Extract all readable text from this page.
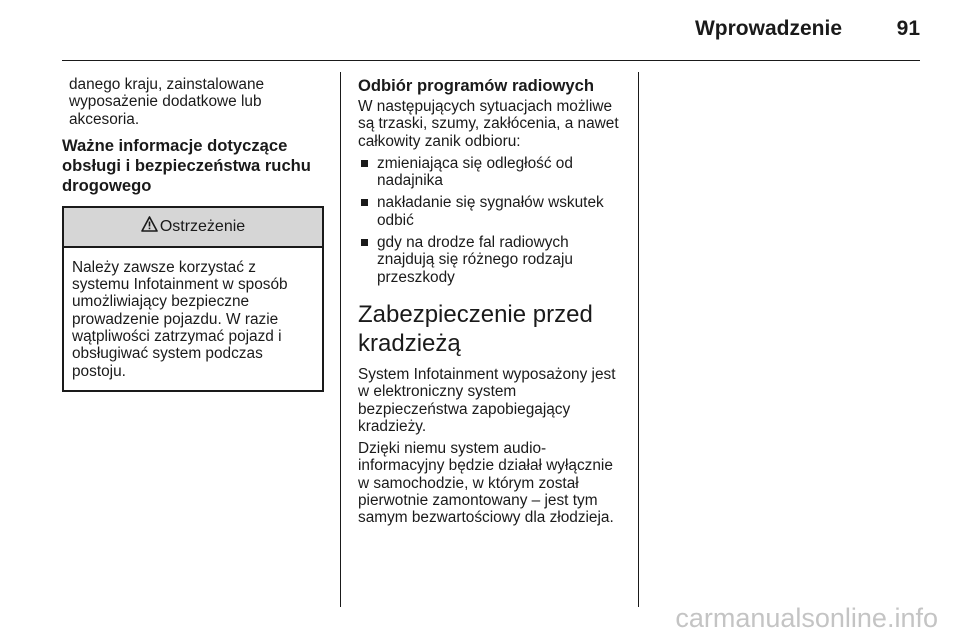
Wprowadzenie	91

danego kraju, zainstalowane wyposażenie dodatkowe lub akcesoria.

Ważne informacje dotyczące obsługi i bezpieczeństwa ruchu drogowego
Ostrzeżenie

Należy zawsze korzystać z systemu Infotainment w sposób umożliwiający bezpieczne prowadzenie pojazdu. W razie wątpliwości zatrzymać pojazd i obsługiwać system podczas postoju.

Odbiór programów radiowych

W następujących sytuacjach możliwe są trzaski, szumy, zakłócenia, a nawet całkowity zanik odbioru:

zmieniająca się odległość od nadajnika
nakładanie się sygnałów wskutek odbić
gdy na drodze fal radiowych znajdują się różnego rodzaju przeszkody
Zabezpieczenie przed kradzieżą

System Infotainment wyposażony jest w elektroniczny system bezpieczeństwa zapobiegający kradzieży.

Dzięki niemu system audio-informacyjny będzie działał wyłącznie w samochodzie, w którym został pierwotnie zamontowany – jest tym samym bezwartościowy dla złodzieja.

carmanualsonline.info
